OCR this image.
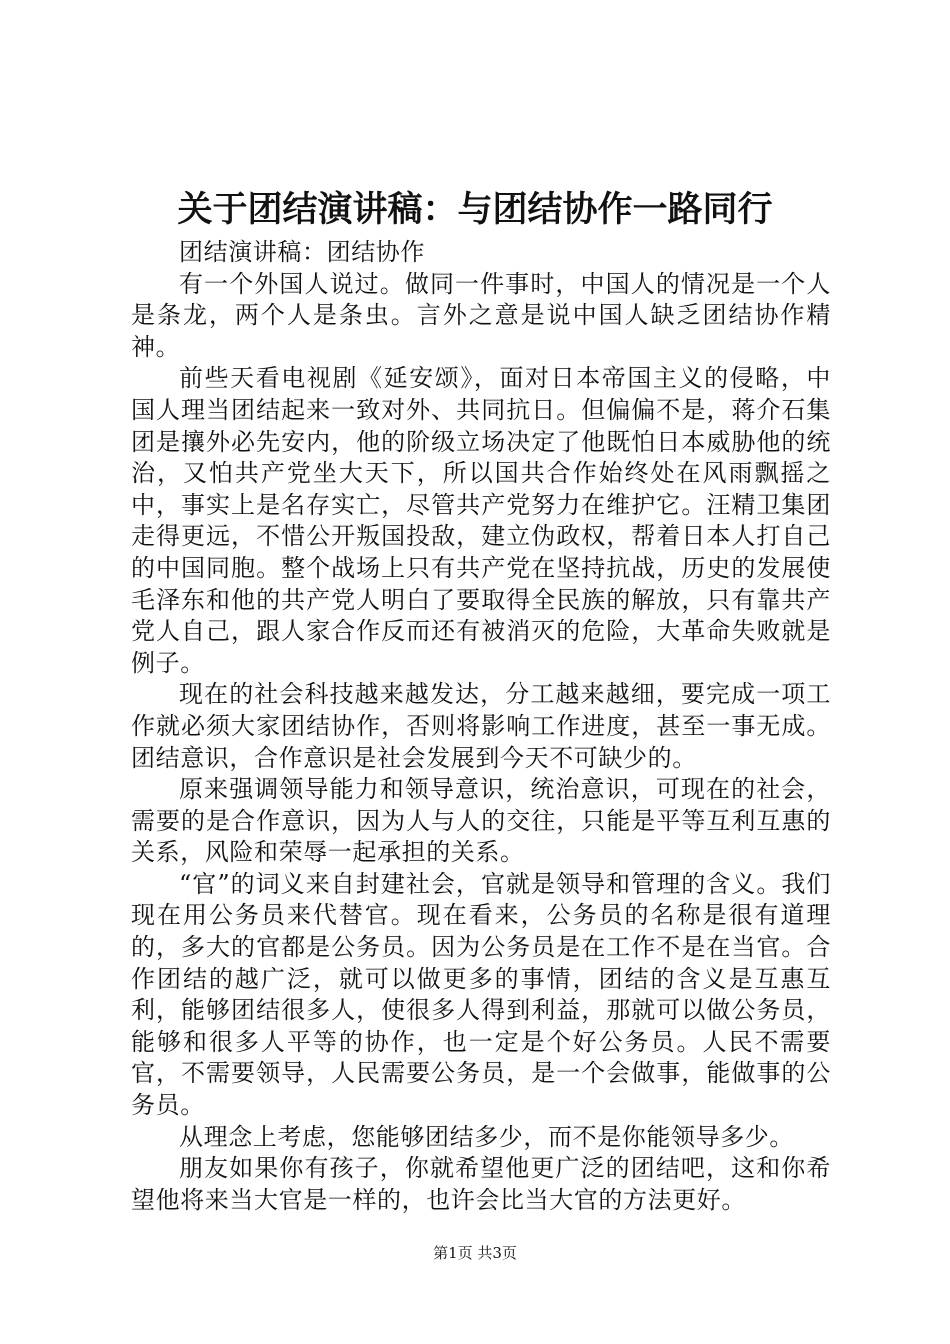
关于团结演讲稿：与团结协作一路同行

团结演讲稿：团结协作

有一个外国人说过。做同一件事时，中国人的情况是一个人是条龙，两个人是条虫。言外之意是说中国人缺乏团结协作精神。

前些天看电视剧《延安颂》，面对日本帝国主义的侵略，中国人理当团结起来一致对外、共同抗日。但偏偏不是，蒋介石集团是攘外必先安内，他的阶级立场决定了他既怕日本威胁他的统治，又怕共产党坐大天下，所以国共合作始终处在风雨飘摇之中，事实上是名存实亡，尽管共产党努力在维护它。汪精卫集团走得更远，不惜公开叛国投敌，建立伪政权，帮着日本人打自己的中国同胞。整个战场上只有共产党在坚持抗战，历史的发展使毛泽东和他的共产党人明白了要取得全民族的解放，只有靠共产党人自己，跟人家合作反而还有被消灭的危险，大革命失败就是例子。

现在的社会科技越来越发达，分工越来越细，要完成一项工作就必须大家团结协作，否则将影响工作进度，甚至一事无成。团结意识，合作意识是社会发展到今天不可缺少的。

原来强调领导能力和领导意识，统治意识，可现在的社会，需要的是合作意识，因为人与人的交往，只能是平等互利互惠的关系，风险和荣辱一起承担的关系。

“官”的词义来自封建社会，官就是领导和管理的含义。我们现在用公务员来代替官。现在看来，公务员的名称是很有道理的，多大的官都是公务员。因为公务员是在工作不是在当官。合作团结的越广泛，就可以做更多的事情，团结的含义是互惠互利，能够团结很多人，使很多人得到利益，那就可以做公务员，能够和很多人平等的协作，也一定是个好公务员。人民不需要官，不需要领导，人民需要公务员，是一个会做事，能做事的公务员。

从理念上考虑，您能够团结多少，而不是你能领导多少。

朋友如果你有孩子，你就希望他更广泛的团结吧，这和你希望他将来当大官是一样的，也许会比当大官的方法更好。

第1页 共3页
